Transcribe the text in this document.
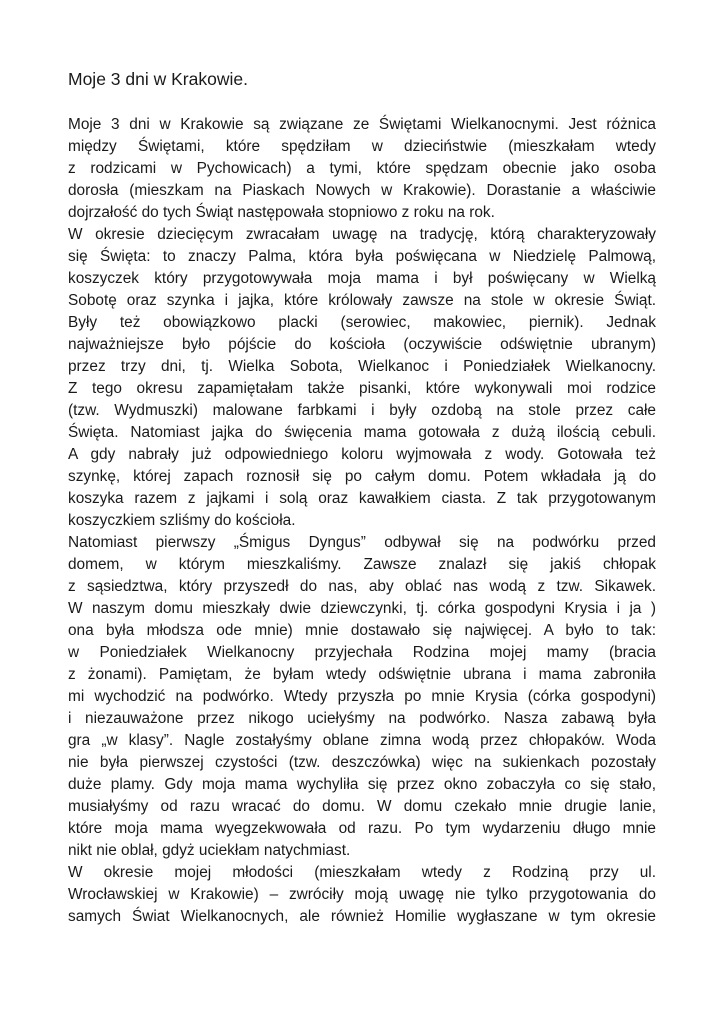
Moje 3 dni w Krakowie.
Moje 3 dni w Krakowie są związane ze Świętami Wielkanocnymi. Jest różnica
między Świętami, które spędziłam w dzieciństwie (mieszkałam wtedy
z rodzicami w Pychowicach) a tymi, które spędzam obecnie jako osoba
dorosła (mieszkam na Piaskach Nowych w Krakowie). Dorastanie a właściwie
dojrzałość do tych Świąt następowała stopniowo z roku na rok.
W okresie dziecięcym zwracałam uwagę na tradycję, którą charakteryzowały
się Święta: to znaczy Palma, która była poświęcana w Niedzielę Palmową,
koszyczek który przygotowywała moja mama i był poświęcany w Wielką
Sobotę oraz szynka i jajka, które królowały zawsze na stole w okresie Świąt.
Były też obowiązkowo placki (serowiec, makowiec, piernik). Jednak
najważniejsze było pójście do kościoła (oczywiście odświętnie ubranym)
przez trzy dni, tj. Wielka Sobota, Wielkanoc i Poniedziałek Wielkanocny.
Z tego okresu zapamiętałam także pisanki, które wykonywali moi rodzice
(tzw. Wydmuszki) malowane farbkami i były ozdobą na stole przez całe
Święta. Natomiast jajka do święcenia mama gotowała z dużą ilością cebuli.
A gdy nabrały już odpowiedniego koloru wyjmowała z wody. Gotowała też
szynkę, której zapach roznosił się po całym domu. Potem wkładała ją do
koszyka razem z jajkami i solą oraz kawałkiem ciasta. Z tak przygotowanym
koszyczkiem szliśmy do kościoła.
Natomiast pierwszy „Śmigus Dyngus” odbywał się na podwórku przed
domem, w którym mieszkaliśmy. Zawsze znalazł się jakiś chłopak
z sąsiedztwa, który przyszedł do nas, aby oblać nas wodą z tzw. Sikawek.
W naszym domu mieszkały dwie dziewczynki, tj. córka gospodyni Krysia i ja )
ona była młodsza ode mnie) mnie dostawało się najwięcej. A było to tak:
w Poniedziałek Wielkanocny przyjechała Rodzina mojej mamy (bracia
z żonami). Pamiętam, że byłam wtedy odświętnie ubrana i mama zabroniła
mi wychodzić na podwórko. Wtedy przyszła po mnie Krysia (córka gospodyni)
i niezauważone przez nikogo uciełyśmy na podwórko. Nasza zabawą była
gra „w klasy”. Nagle zostałyśmy oblane zimna wodą przez chłopaków. Woda
nie była pierwszej czystości (tzw. deszczówka) więc na sukienkach pozostały
duże plamy. Gdy moja mama wychyliła się przez okno zobaczyła co się stało,
musiałyśmy od razu wracać do domu. W domu czekało mnie drugie lanie,
które moja mama wyegzekwowała od razu. Po tym wydarzeniu długo mnie
nikt nie oblał, gdyż uciekłam natychmiast.
W okresie mojej młodości (mieszkałam wtedy z Rodziną przy ul.
Wrocławskiej w Krakowie) – zwróciły moją uwagę nie tylko przygotowania do
samych Świat Wielkanocnych, ale również Homilie wygłaszane w tym okresie
